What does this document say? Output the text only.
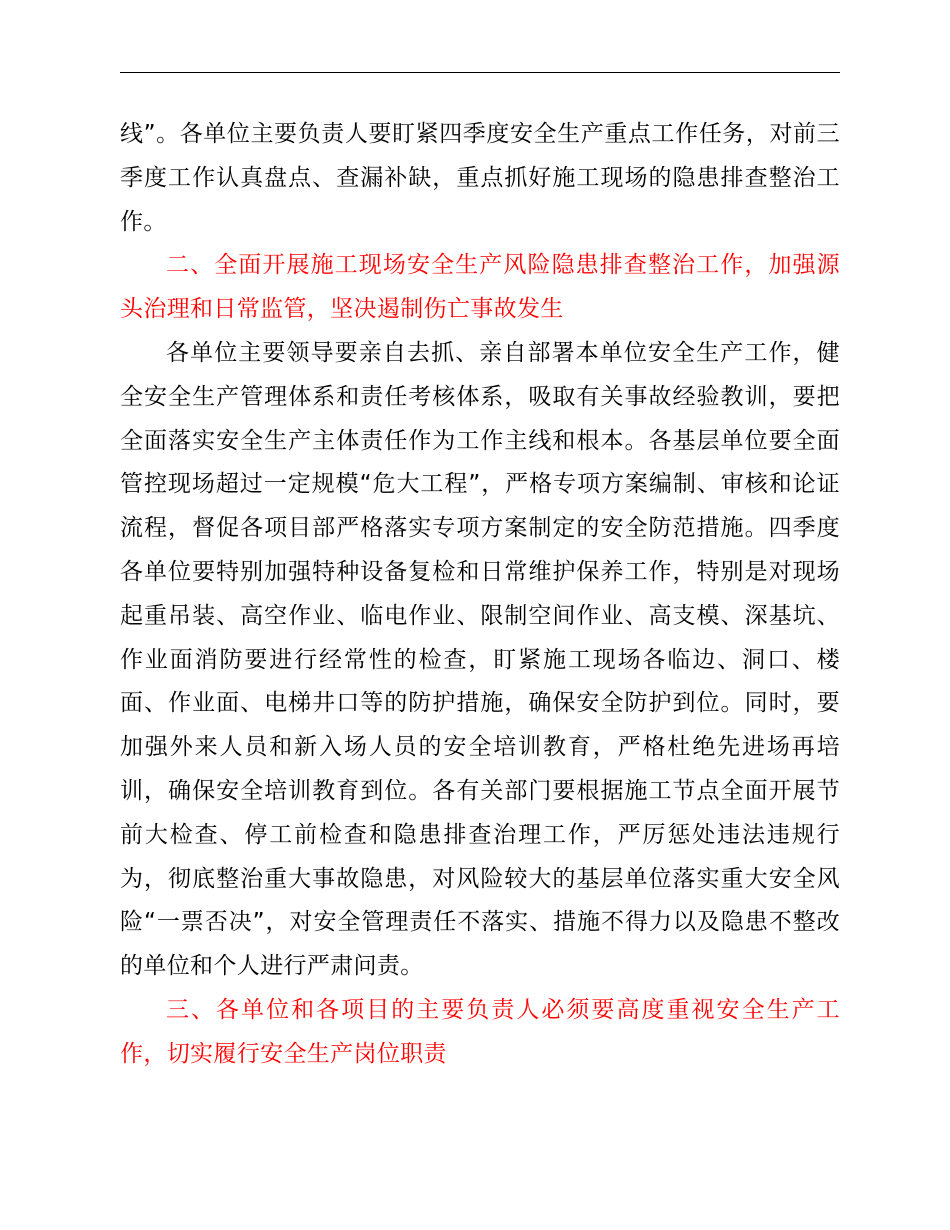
线”。各单位主要负责人要盯紧四季度安全生产重点工作任务，对前三季度工作认真盘点、查漏补缺，重点抓好施工现场的隐患排查整治工作。

二、全面开展施工现场安全生产风险隐患排查整治工作，加强源头治理和日常监管，坚决遏制伤亡事故发生

各单位主要领导要亲自去抓、亲自部署本单位安全生产工作，健全安全生产管理体系和责任考核体系，吸取有关事故经验教训，要把全面落实安全生产主体责任作为工作主线和根本。各基层单位要全面管控现场超过一定规模“危大工程”，严格专项方案编制、审核和论证流程，督促各项目部严格落实专项方案制定的安全防范措施。四季度各单位要特别加强特种设备复检和日常维护保养工作，特别是对现场起重吊装、高空作业、临电作业、限制空间作业、高支模、深基坑、作业面消防要进行经常性的检查，盯紧施工现场各临边、洞口、楼面、作业面、电梯井口等的防护措施，确保安全防护到位。同时，要加强外来人员和新入场人员的安全培训教育，严格杜绝先进场再培训，确保安全培训教育到位。各有关部门要根据施工节点全面开展节前大检查、停工前检查和隐患排查治理工作，严厉惩处违法违规行为，彻底整治重大事故隐患，对风险较大的基层单位落实重大安全风险“一票否决”，对安全管理责任不落实、措施不得力以及隐患不整改的单位和个人进行严肃问责。

三、各单位和各项目的主要负责人必须要高度重视安全生产工作，切实履行安全生产岗位职责
